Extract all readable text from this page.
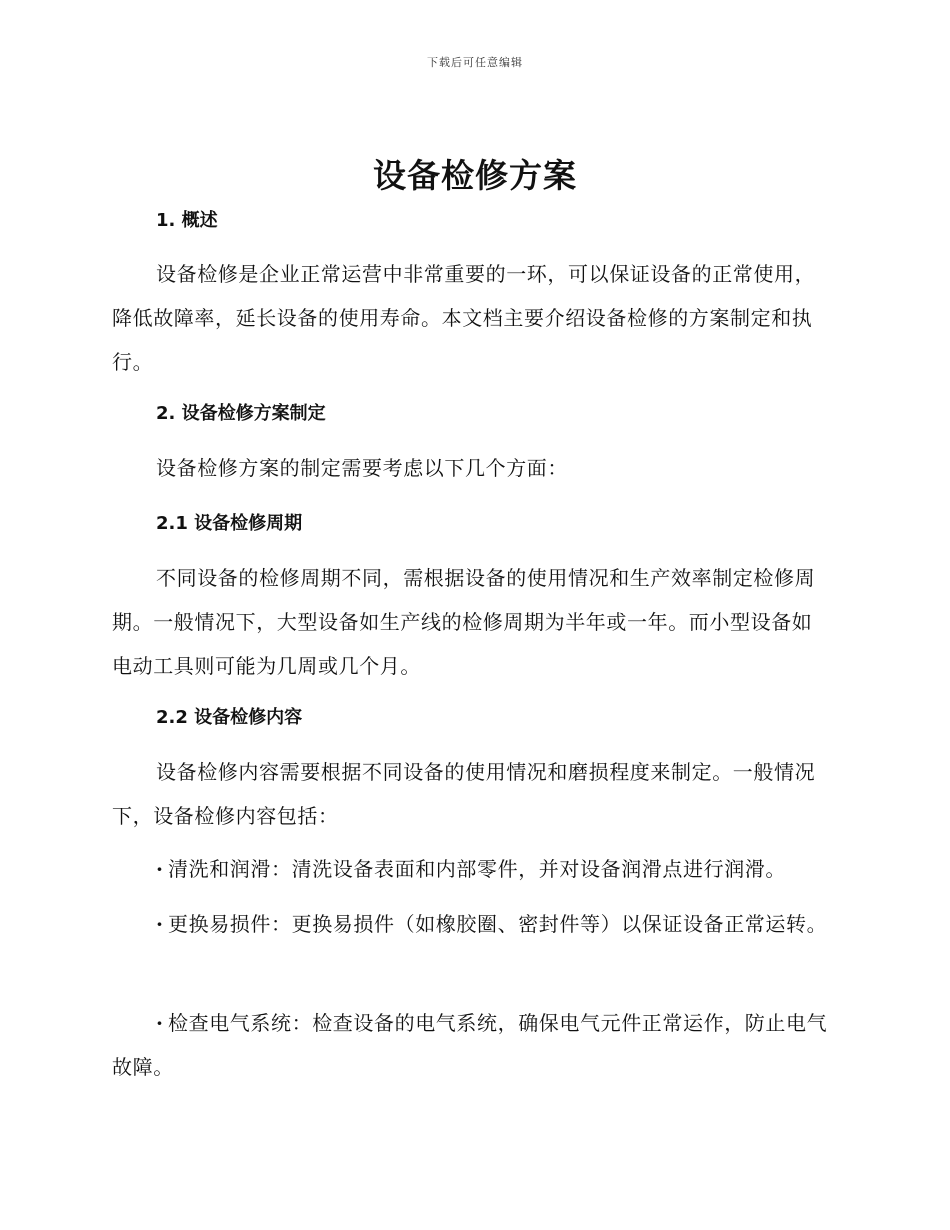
下载后可任意编辑
设备检修方案
1. 概述

设备检修是企业正常运营中非常重要的一环，可以保证设备的正常使用，降低故障率，延长设备的使用寿命。本文档主要介绍设备检修的方案制定和执行。

2. 设备检修方案制定

设备检修方案的制定需要考虑以下几个方面：

2.1 设备检修周期

不同设备的检修周期不同，需根据设备的使用情况和生产效率制定检修周期。一般情况下，大型设备如生产线的检修周期为半年或一年。而小型设备如电动工具则可能为几周或几个月。

2.2 设备检修内容

设备检修内容需要根据不同设备的使用情况和磨损程度来制定。一般情况下，设备检修内容包括：

· 清洗和润滑：清洗设备表面和内部零件，并对设备润滑点进行润滑。

· 更换易损件：更换易损件（如橡胶圈、密封件等）以保证设备正常运转。

· 检查电气系统：检查设备的电气系统，确保电气元件正常运作，防止电气故障。
